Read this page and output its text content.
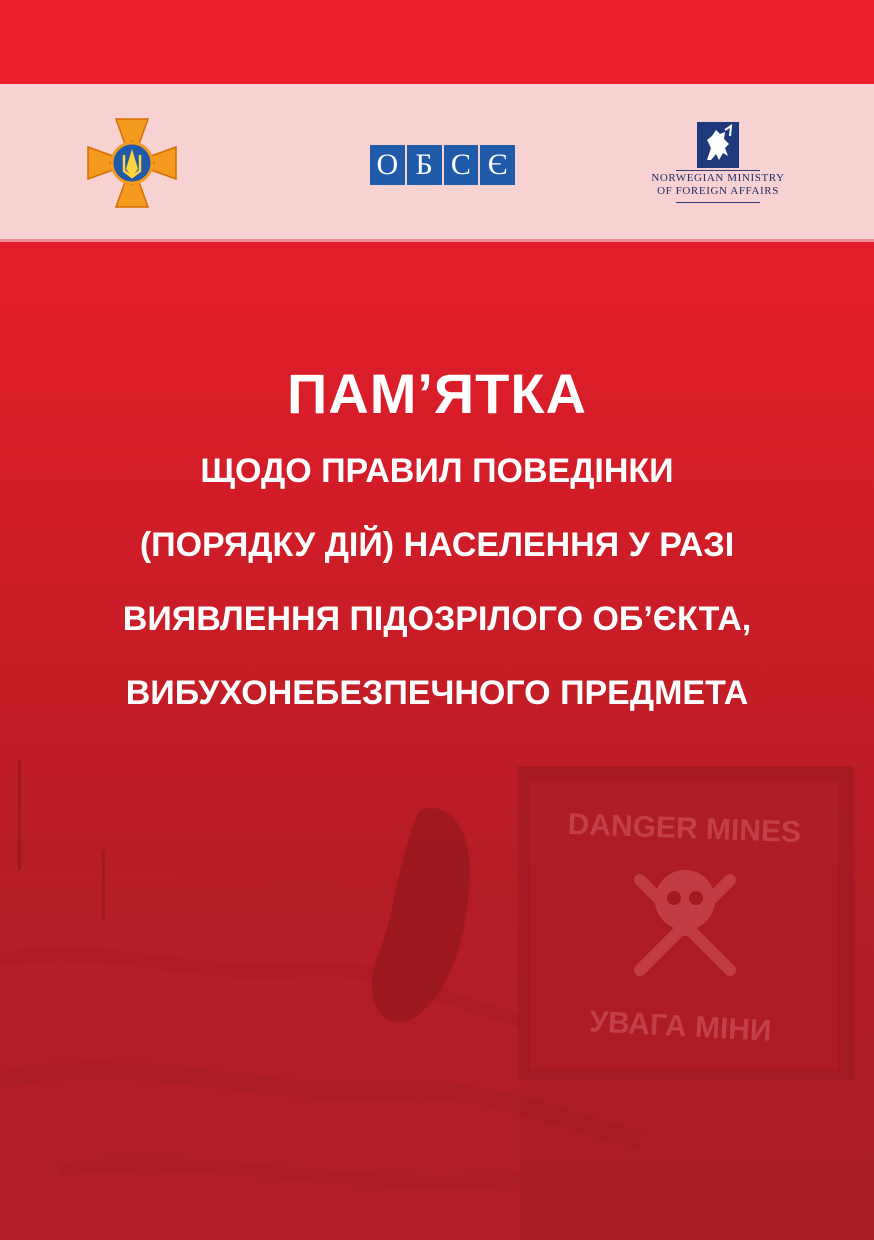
О Б С Є	NORWEGIAN MINISTRY
OF FOREIGN AFFAIRS
DANGER MINES
УВАГА МІНИ
ПАМ’ЯТКА
ЩОДО ПРАВИЛ ПОВЕДІНКИ
(ПОРЯДКУ ДІЙ) НАСЕЛЕННЯ У РАЗІ
ВИЯВЛЕННЯ ПІДОЗРІЛОГО ОБ’ЄКТА,
ВИБУХОНЕБЕЗПЕЧНОГО ПРЕДМЕТА
